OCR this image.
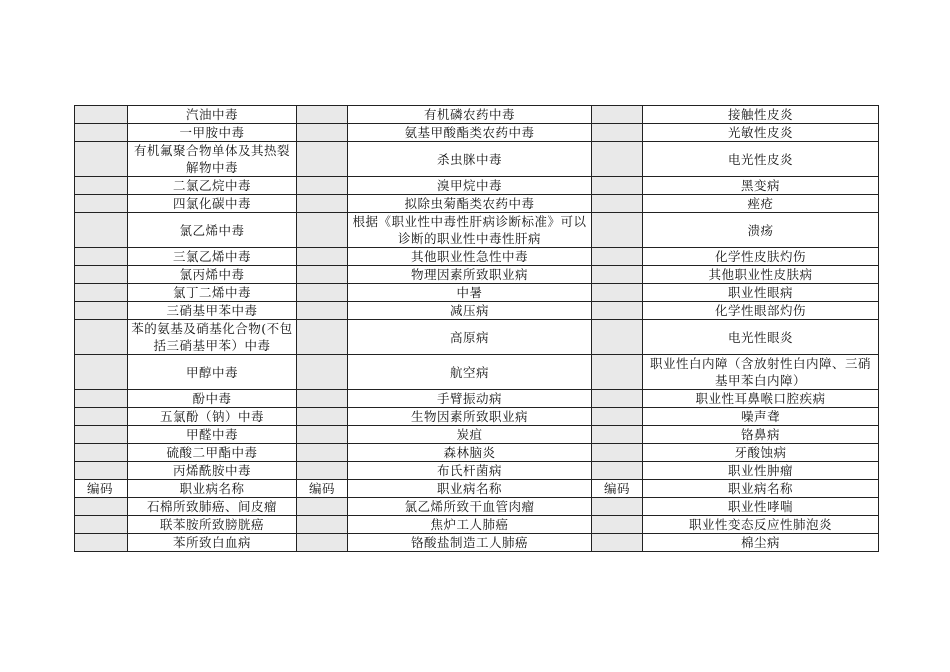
	汽油中毒		有机磷农药中毒		接触性皮炎
	一甲胺中毒		氨基甲酸酯类农药中毒		光敏性皮炎
	有机氟聚合物单体及其热裂解物中毒		杀虫脒中毒		电光性皮炎
	二氯乙烷中毒		溴甲烷中毒		黑变病
	四氯化碳中毒		拟除虫菊酯类农药中毒		痤疮
	氯乙烯中毒		根据《职业性中毒性肝病诊断标准》可以诊断的职业性中毒性肝病		溃疡
	三氯乙烯中毒		其他职业性急性中毒		化学性皮肤灼伤
	氯丙烯中毒		物理因素所致职业病		其他职业性皮肤病
	氯丁二烯中毒		中暑		职业性眼病
	三硝基甲苯中毒		减压病		化学性眼部灼伤
	苯的氨基及硝基化合物(不包括三硝基甲苯）中毒		高原病		电光性眼炎
	甲醇中毒		航空病		职业性白内障（含放射性白内障、三硝基甲苯白内障）
	酚中毒		手臂振动病		职业性耳鼻喉口腔疾病
	五氯酚（钠）中毒		生物因素所致职业病		噪声聋
	甲醛中毒		炭疽		铬鼻病
	硫酸二甲酯中毒		森林脑炎		牙酸蚀病
	丙烯酰胺中毒		布氏杆菌病		职业性肿瘤
编码	职业病名称	编码	职业病名称	编码	职业病名称
	石棉所致肺癌、间皮瘤		氯乙烯所致干血管肉瘤		职业性哮喘
	联苯胺所致膀胱癌		焦炉工人肺癌		职业性变态反应性肺泡炎
	苯所致白血病		铬酸盐制造工人肺癌		棉尘病
